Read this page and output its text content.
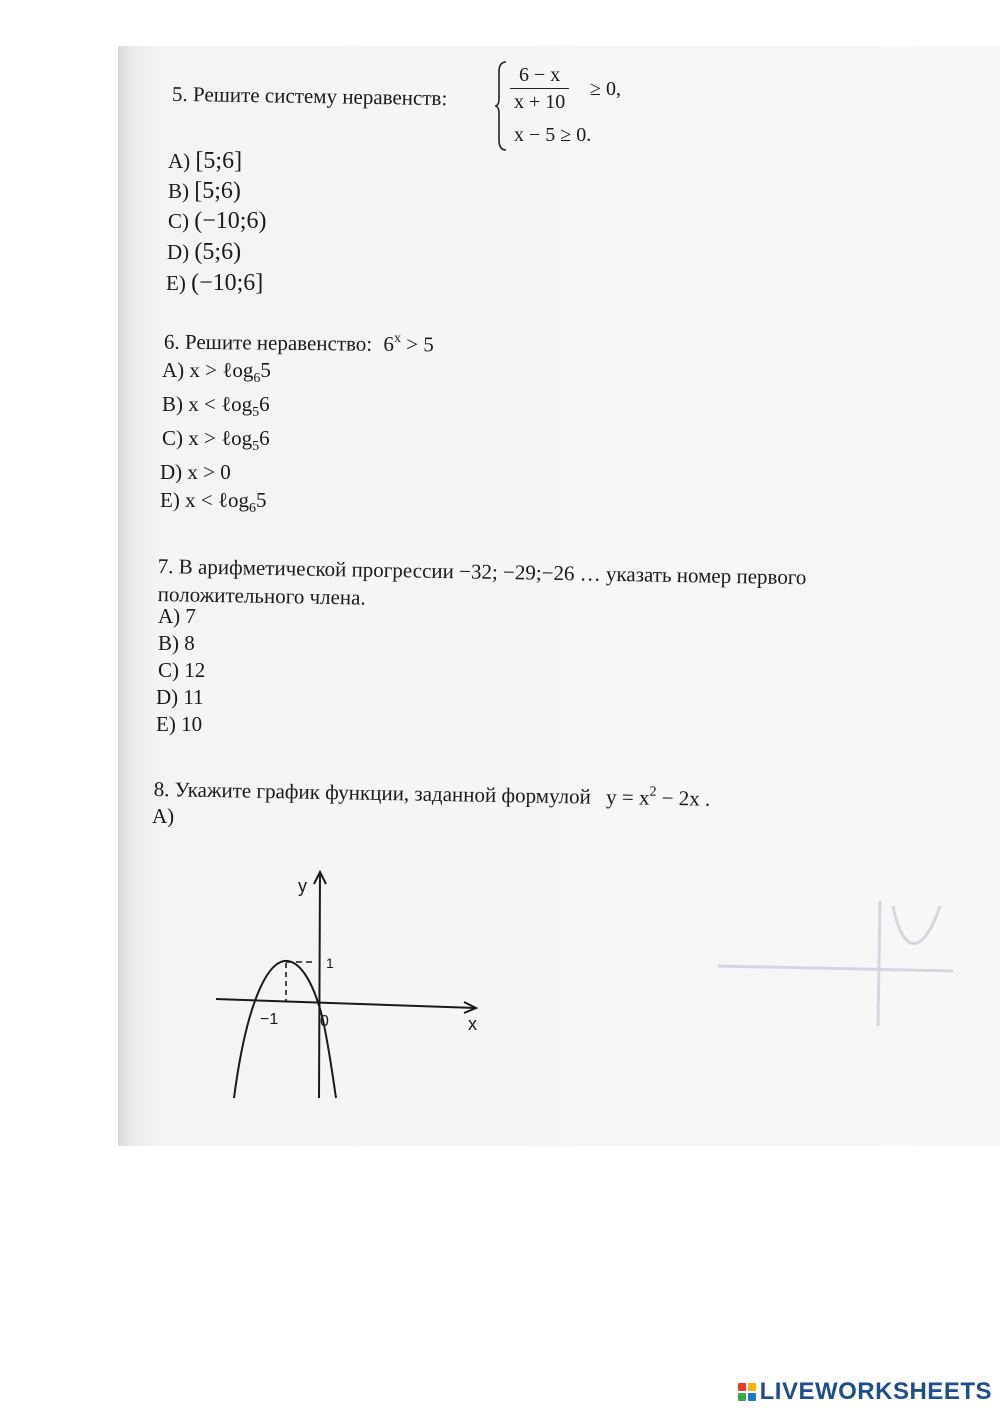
5. Решите систему неравенств:	$\frac{6 - x}{x + 10} \ge 0$,
x − 5 ≥ 0.
A) [5;6]
B) [5;6)
C) (−10;6)
D) (5;6)
E) (−10;6]
6. Решите неравенство: $6^x > 5$
A) x > ℓog$_6$5
B) x < ℓog$_5$6
C) x > ℓog$_5$6
D) x > 0
E) x < ℓog$_6$5
7. В арифметической прогрессии −32; −29;−26 … указать номер первого
положительного члена.
A) 7
B) 8
C) 12
D) 11
E) 10
8. Укажите график функции, заданной формулой $y = x^2 - 2x$ .
A)
y
x
1
−1	0
LIVEWORKSHEETS
